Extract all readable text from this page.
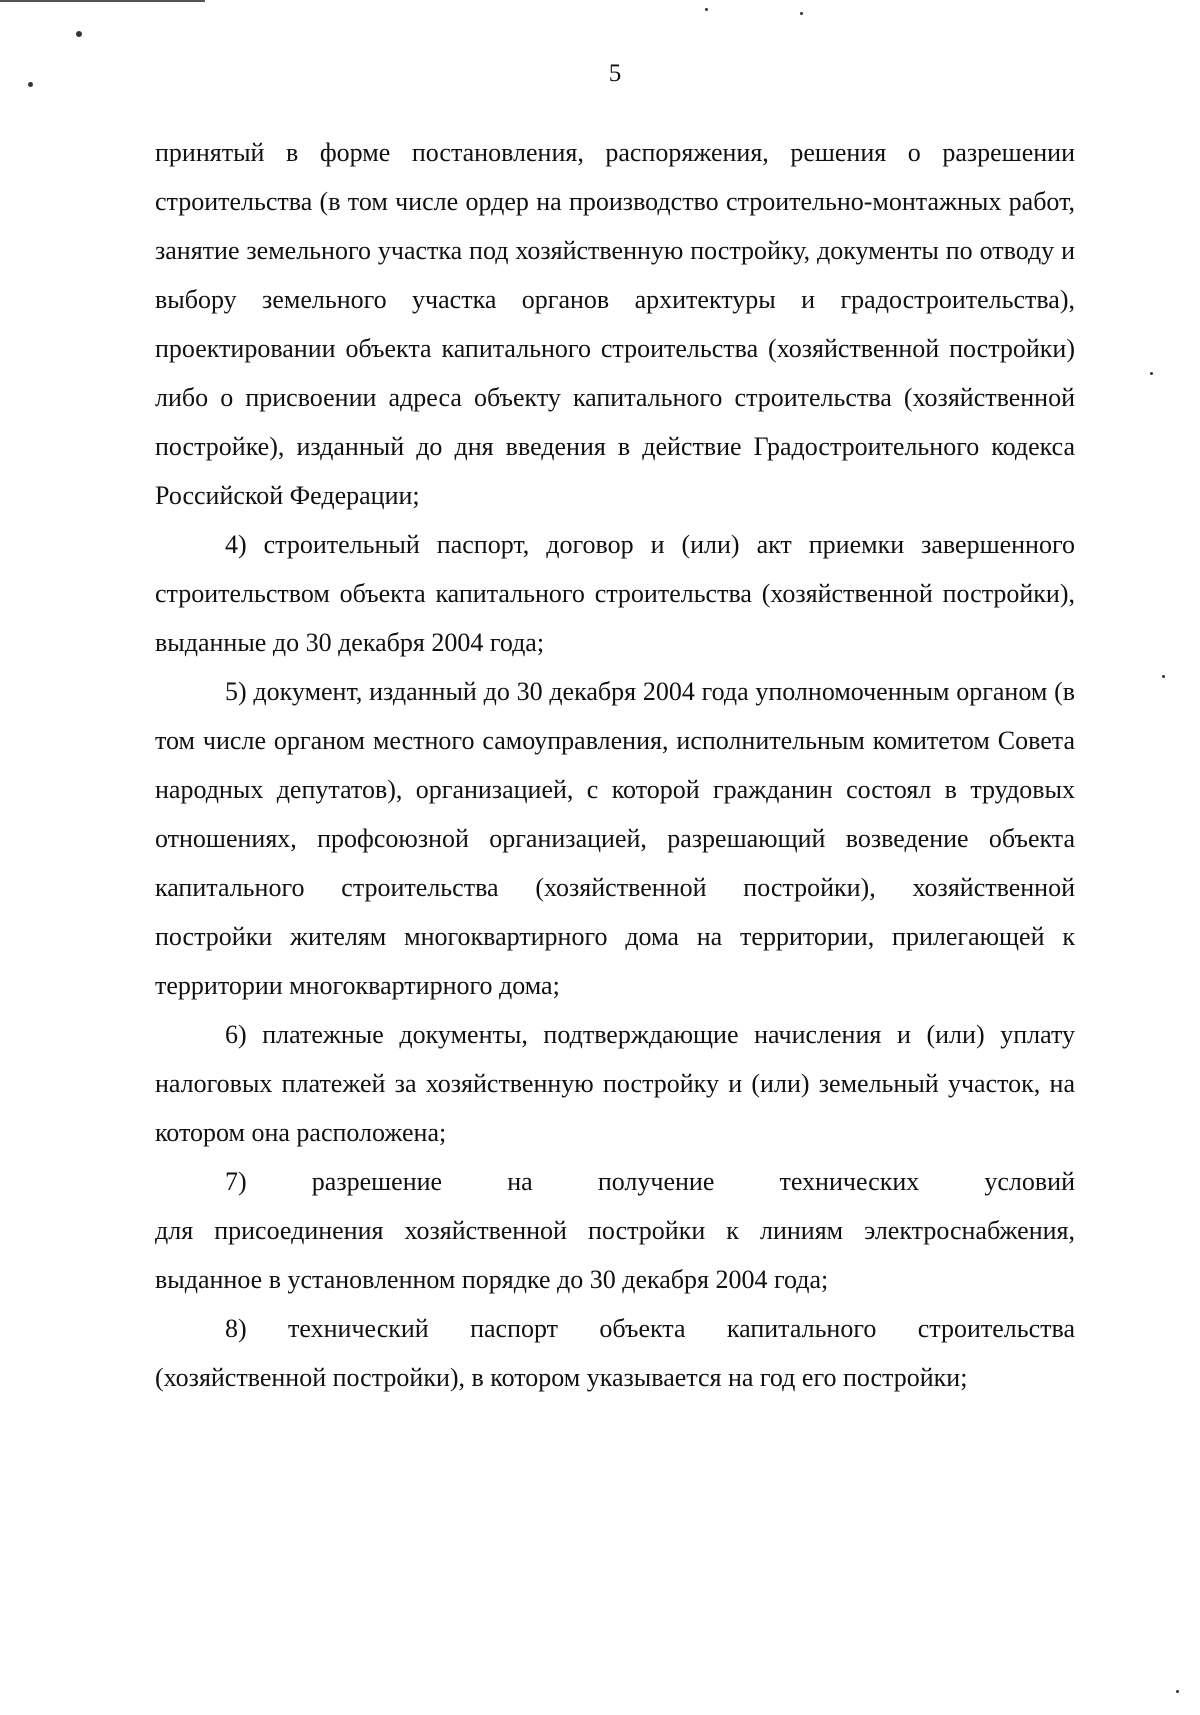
5

принятый в форме постановления, распоряжения, решения о разрешении строительства (в том числе ордер на производство строительно-монтажных работ, занятие земельного участка под хозяйственную постройку, документы по отводу и выбору земельного участка органов архитектуры и градостроительства), проектировании объекта капитального строительства (хозяйственной постройки) либо о присвоении адреса объекту капитального строительства (хозяйственной постройке), изданный до дня введения в действие Градостроительного кодекса Российской Федерации;

4) строительный паспорт, договор и (или) акт приемки завершенного строительством объекта капитального строительства (хозяйственной постройки), выданные до 30 декабря 2004 года;

5) документ, изданный до 30 декабря 2004 года уполномоченным органом (в том числе органом местного самоуправления, исполнительным комитетом Совета народных депутатов), организацией, с которой гражданин состоял в трудовых отношениях, профсоюзной организацией, разрешающий возведение объекта капитального строительства (хозяйственной постройки), хозяйственной постройки жителям многоквартирного дома на территории, прилегающей к территории многоквартирного дома;

6) платежные документы, подтверждающие начисления и (или) уплату налоговых платежей за хозяйственную постройку и (или) земельный участок, на котором она расположена;

7) разрешение на получение технических условий

для присоединения хозяйственной постройки к линиям электроснабжения, выданное в установленном порядке до 30 декабря 2004 года;

8) технический паспорт объекта капитального строительства (хозяйственной постройки), в котором указывается на год его постройки;
